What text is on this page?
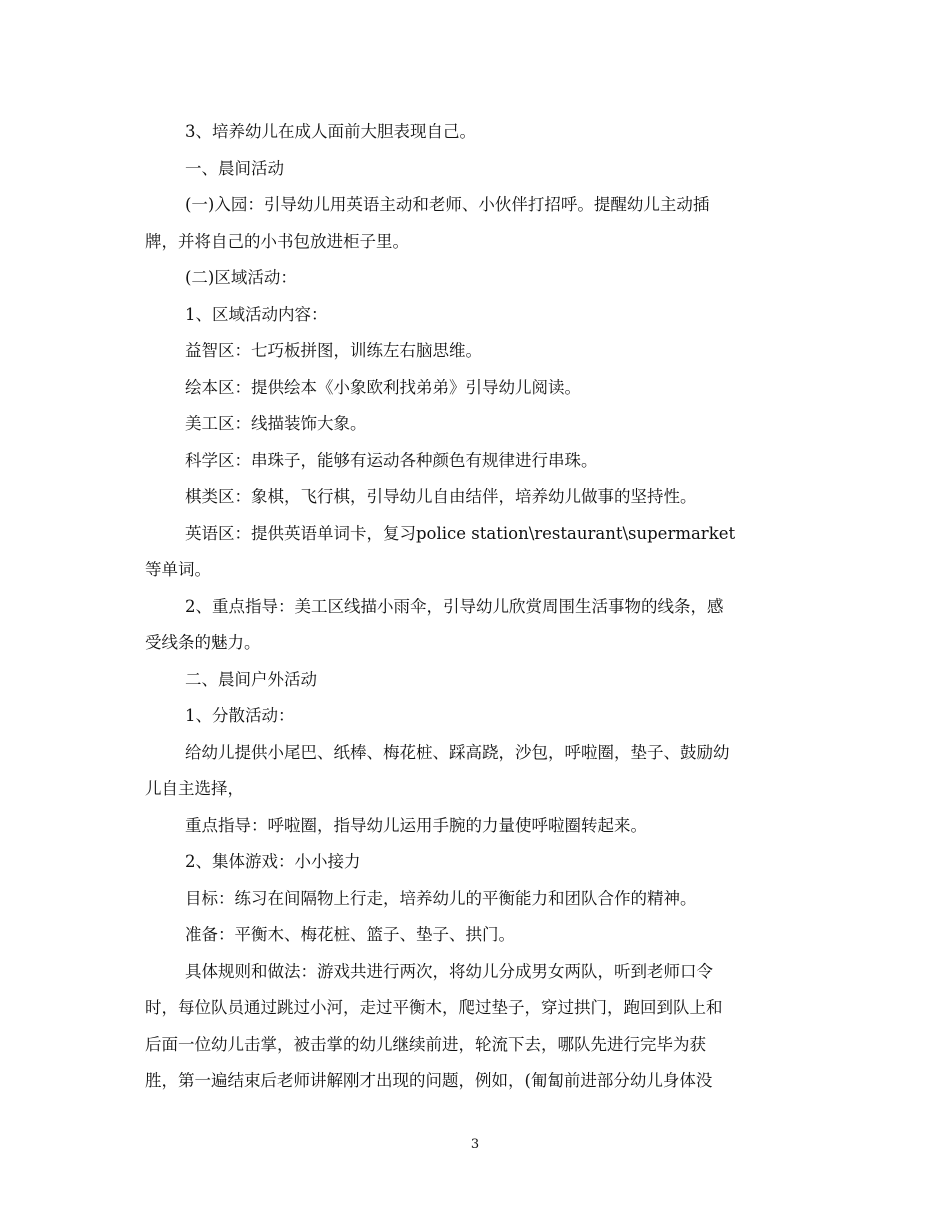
3、培养幼儿在成人面前大胆表现自己。

一、晨间活动

(一)入园：引导幼儿用英语主动和老师、小伙伴打招呼。提醒幼儿主动插

牌，并将自己的小书包放进柜子里。

(二)区域活动：

1、区域活动内容：

益智区：七巧板拼图，训练左右脑思维。

绘本区：提供绘本《小象欧利找弟弟》引导幼儿阅读。

美工区：线描装饰大象。

科学区：串珠子，能够有运动各种颜色有规律进行串珠。

棋类区：象棋，飞行棋，引导幼儿自由结伴，培养幼儿做事的坚持性。

英语区：提供英语单词卡，复习police station\restaurant\supermarket

等单词。

2、重点指导：美工区线描小雨伞，引导幼儿欣赏周围生活事物的线条，感

受线条的魅力。

二、晨间户外活动

1、分散活动：

给幼儿提供小尾巴、纸棒、梅花桩、踩高跷，沙包，呼啦圈，垫子、鼓励幼

儿自主选择，

重点指导：呼啦圈，指导幼儿运用手腕的力量使呼啦圈转起来。

2、集体游戏：小小接力

目标：练习在间隔物上行走，培养幼儿的平衡能力和团队合作的精神。

准备：平衡木、梅花桩、篮子、垫子、拱门。

具体规则和做法：游戏共进行两次，将幼儿分成男女两队，听到老师口令

时，每位队员通过跳过小河，走过平衡木，爬过垫子，穿过拱门，跑回到队上和

后面一位幼儿击掌，被击掌的幼儿继续前进，轮流下去，哪队先进行完毕为获

胜，第一遍结束后老师讲解刚才出现的问题，例如，(匍匐前进部分幼儿身体没

3
